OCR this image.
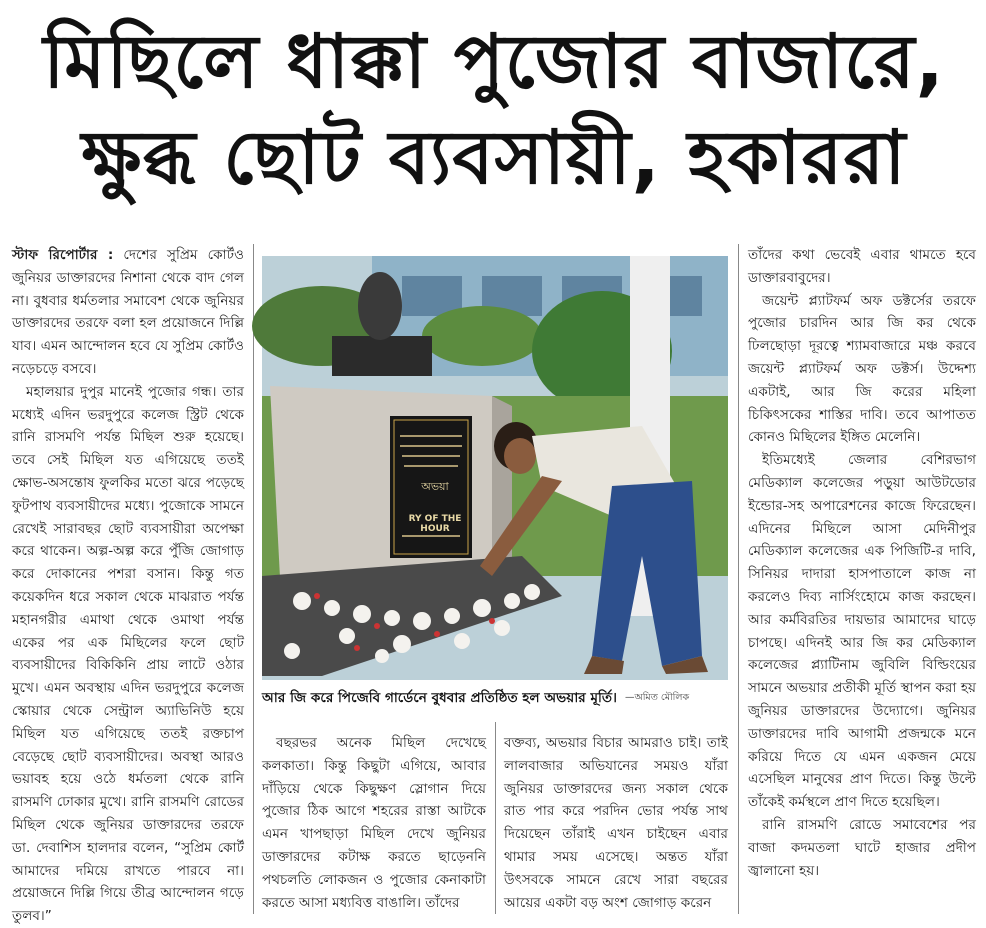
মিছিলে ধাক্কা পুজোর বাজারে,
ক্ষুব্ধ ছোট ব্যবসায়ী, হকাররা

স্টাফ রিপোর্টার : দেশের সুপ্রিম কোর্টও জুনিয়র ডাক্তারদের নিশানা থেকে বাদ গেল না। বুধবার ধর্মতলার সমাবেশ থেকে জুনিয়র ডাক্তারদের তরফে বলা হল প্রয়োজনে দিল্লি যাব। এমন আন্দোলন হবে যে সুপ্রিম কোর্টও নড়েচড়ে বসবে।

মহালয়ার দুপুর মানেই পুজোর গন্ধ। তার মধ্যেই এদিন ভরদুপুরে কলেজ স্ট্রিট থেকে রানি রাসমণি পর্যন্ত মিছিল শুরু হয়েছে। তবে সেই মিছিল যত এগিয়েছে ততই ক্ষোভ-অসন্তোষ ফুলকির মতো ঝরে পড়েছে ফুটপাথ ব্যবসায়ীদের মধ্যে। পুজোকে সামনে রেখেই সারাবছর ছোট ব্যবসায়ীরা অপেক্ষা করে থাকেন। অল্প-অল্প করে পুঁজি জোগাড় করে দোকানের পশরা বসান। কিন্তু গত কয়েকদিন ধরে সকাল থেকে মাঝরাত পর্যন্ত মহানগরীর এমাথা থেকে ওমাথা পর্যন্ত একের পর এক মিছিলের ফলে ছোট ব্যবসায়ীদের বিকিকিনি প্রায় লাটে ওঠার মুখে। এমন অবস্থায় এদিন ভরদুপুরে কলেজ স্কোয়ার থেকে সেন্ট্রাল অ্যাভিনিউ হয়ে মিছিল যত এগিয়েছে ততই রক্তচাপ বেড়েছে ছোট ব্যবসায়ীদের। অবস্থা আরও ভয়াবহ হয়ে ওঠে ধর্মতলা থেকে রানি রাসমণি ঢোকার মুখে। রানি রাসমণি রোডের মিছিল থেকে জুনিয়র ডাক্তারদের তরফে ডা. দেবাশিস হালদার বলেন, “সুপ্রিম কোর্ট আমাদের দমিয়ে রাখতে পারবে না। প্রয়োজনে দিল্লি গিয়ে তীব্র আন্দোলন গড়ে তুলব।”

অভয়া
RY OF THE HOUR
আর জি করে পিজেবি গার্ডেনে বুধবার প্রতিষ্ঠিত হল অভয়ার মূর্তি। —অমিত মৌলিক

বছরভর অনেক মিছিল দেখেছে কলকাতা। কিন্তু কিছুটা এগিয়ে, আবার দাঁড়িয়ে থেকে কিছুক্ষণ স্লোগান দিয়ে পুজোর ঠিক আগে শহরের রাস্তা আটকে এমন খাপছাড়া মিছিল দেখে জুনিয়র ডাক্তারদের কটাক্ষ করতে ছাড়েননি পথচলতি লোকজন ও পুজোর কেনাকাটা করতে আসা মধ্যবিত্ত বাঙালি। তাঁদের

বক্তব্য, অভয়ার বিচার আমরাও চাই। তাই লালবাজার অভিযানের সময়ও যাঁরা জুনিয়র ডাক্তারদের জন্য সকাল থেকে রাত পার করে পরদিন ভোর পর্যন্ত সাথ দিয়েছেন তাঁরাই এখন চাইছেন এবার থামার সময় এসেছে। অন্তত যাঁরা উৎসবকে সামনে রেখে সারা বছরের আয়ের একটা বড় অংশ জোগাড় করেন

তাঁদের কথা ভেবেই এবার থামতে হবে ডাক্তারবাবুদের।

জয়েন্ট প্ল্যাটফর্ম অফ ডক্টর্সের তরফে পুজোর চারদিন আর জি কর থেকে ঢিলছোড়া দূরত্বে শ্যামবাজারে মঞ্চ করবে জয়েন্ট প্ল্যাটফর্ম অফ ডক্টর্স। উদ্দেশ্য একটাই, আর জি করের মহিলা চিকিৎসকের শাস্তির দাবি। তবে আপাতত কোনও মিছিলের ইঙ্গিত মেলেনি।

ইতিমধ্যেই জেলার বেশিরভাগ মেডিক্যাল কলেজের পড়ুয়া আউটডোর ইন্ডোর-সহ অপারেশনের কাজে ফিরেছেন। এদিনের মিছিলে আসা মেদিনীপুর মেডিক্যাল কলেজের এক পিজিটি-র দাবি, সিনিয়র দাদারা হাসপাতালে কাজ না করলেও দিব্য নার্সিংহোমে কাজ করছেন। আর কর্মবিরতির দায়ভার আমাদের ঘাড়ে চাপছে। এদিনই আর জি কর মেডিক্যাল কলেজের প্ল্যাটিনাম জুবিলি বিল্ডিংয়ের সামনে অভয়ার প্রতীকী মূর্তি স্থাপন করা হয় জুনিয়র ডাক্তারদের উদ্যোগে। জুনিয়র ডাক্তারদের দাবি আগামী প্রজন্মকে মনে করিয়ে দিতে যে এমন একজন মেয়ে এসেছিল মানুষের প্রাণ দিতে। কিন্তু উল্টে তাঁকেই কর্মস্থলে প্রাণ দিতে হয়েছিল।

রানি রাসমণি রোডে সমাবেশের পর বাজা কদমতলা ঘাটে হাজার প্রদীপ জ্বালানো হয়।
